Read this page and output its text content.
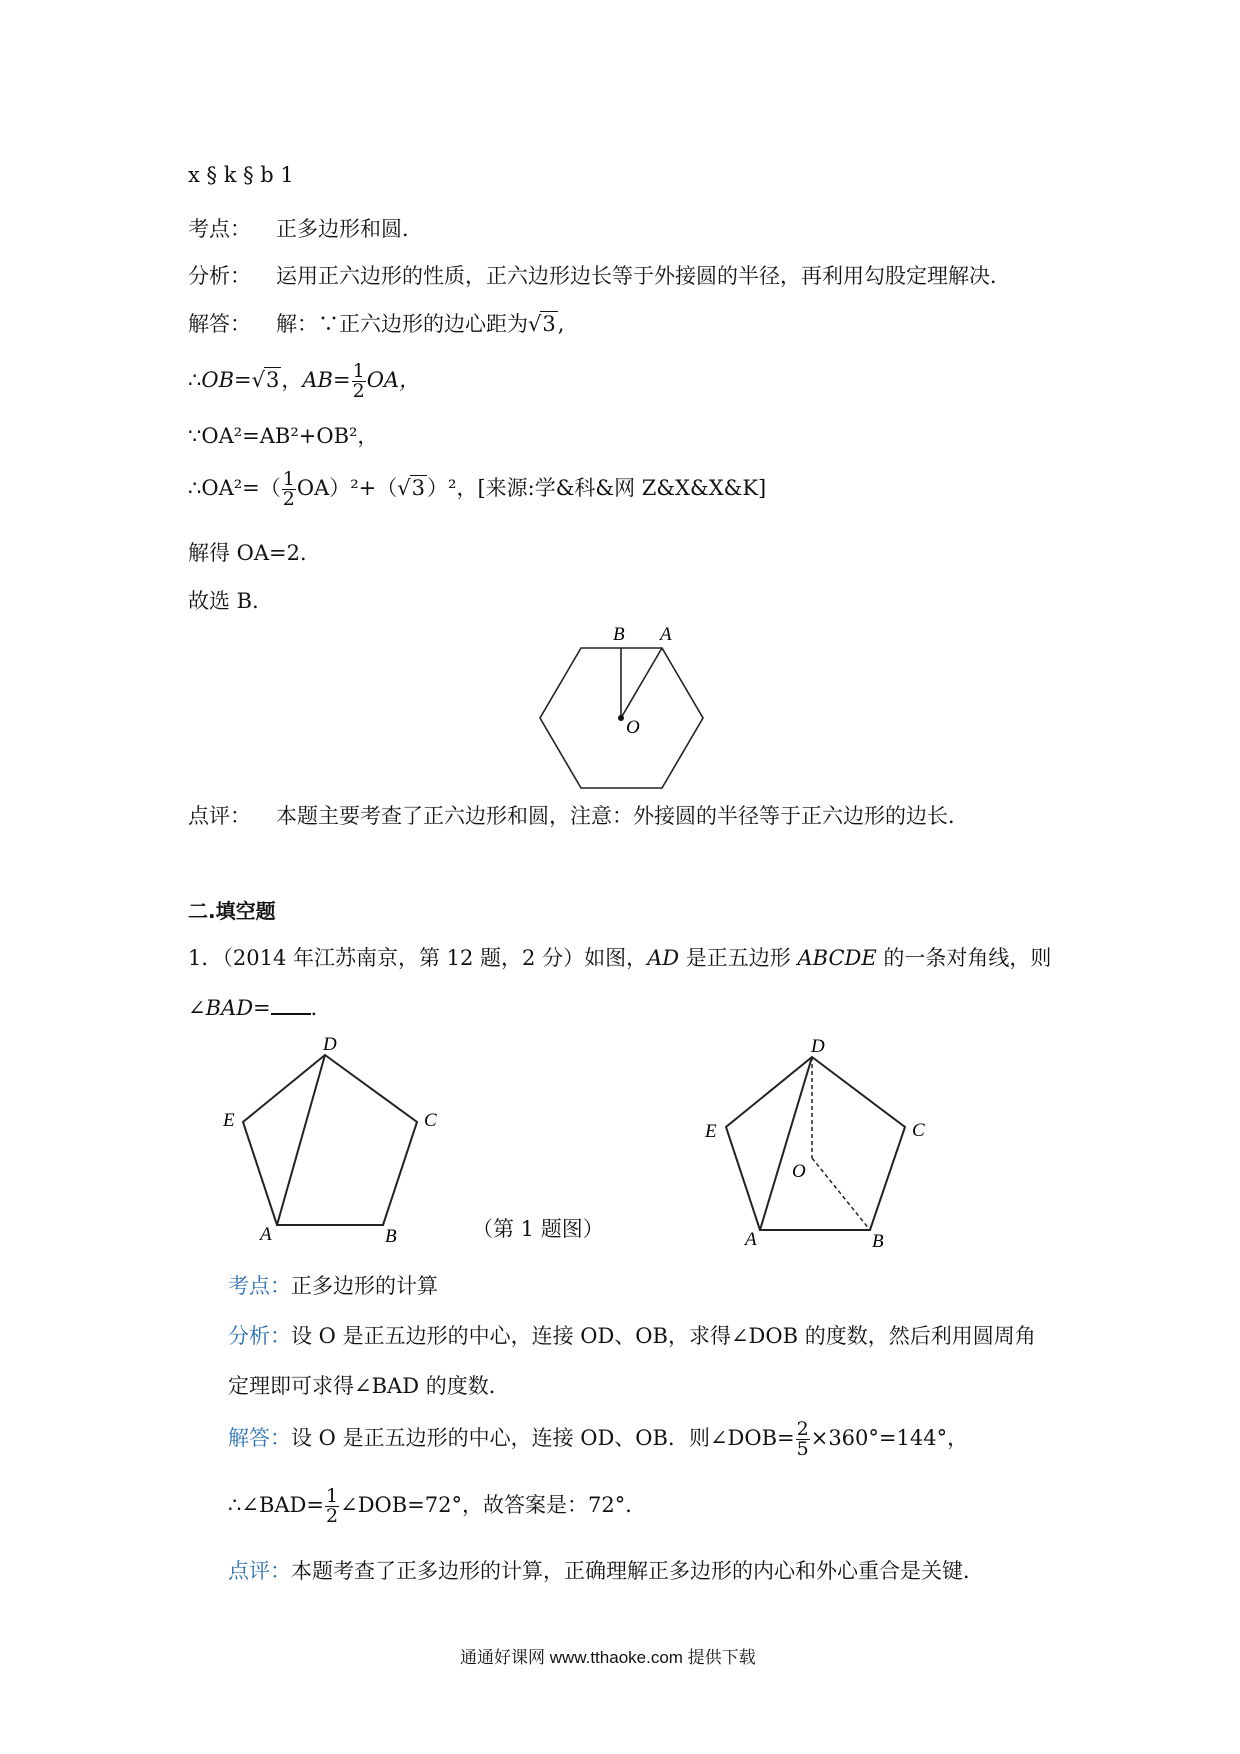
x § k § b 1
考点： 正多边形和圆．
分析： 运用正六边形的性质，正六边形边长等于外接圆的半径，再利用勾股定理解决．
解答： 解：∵正六边形的边心距为√3,
∴OB=√3，$AB= \frac{1}{2}$ OA，
∵OA²=AB²+OB²，
∴OA²=（ $\frac{1}{2} OA)^2+(√3)^2$，[来源:学&科&网 Z&X&X&K]
解得 OA=2．
故选 B．
B A
O
点评： 本题主要考查了正六边形和圆，注意：外接圆的半径等于正六边形的边长．
二.填空题
1．（2014 年江苏南京，第 12 题，2 分）如图，AD 是正五边形 ABCDE 的一条对角线，则
∠BAD= ．
D
E	C
A	B	（第 1 题图）
D
E	C
O
A	B
考点：正多边形的计算
分析：设 O 是正五边形的中心，连接 OD、OB，求得∠DOB 的度数，然后利用圆周角
定理即可求得∠BAD 的度数．
解答：设 O 是正五边形的中心，连接 OD、OB．则∠DOB= $\frac{2}{5} \times 360^\circ=144^\circ$，
∴∠BAD= $\frac{1}{2}$ ∠DOB=72°，故答案是：72°．
点评：本题考查了正多边形的计算，正确理解正多边形的内心和外心重合是关键．
通通好课网 www.tthaoke.com 提供下载
